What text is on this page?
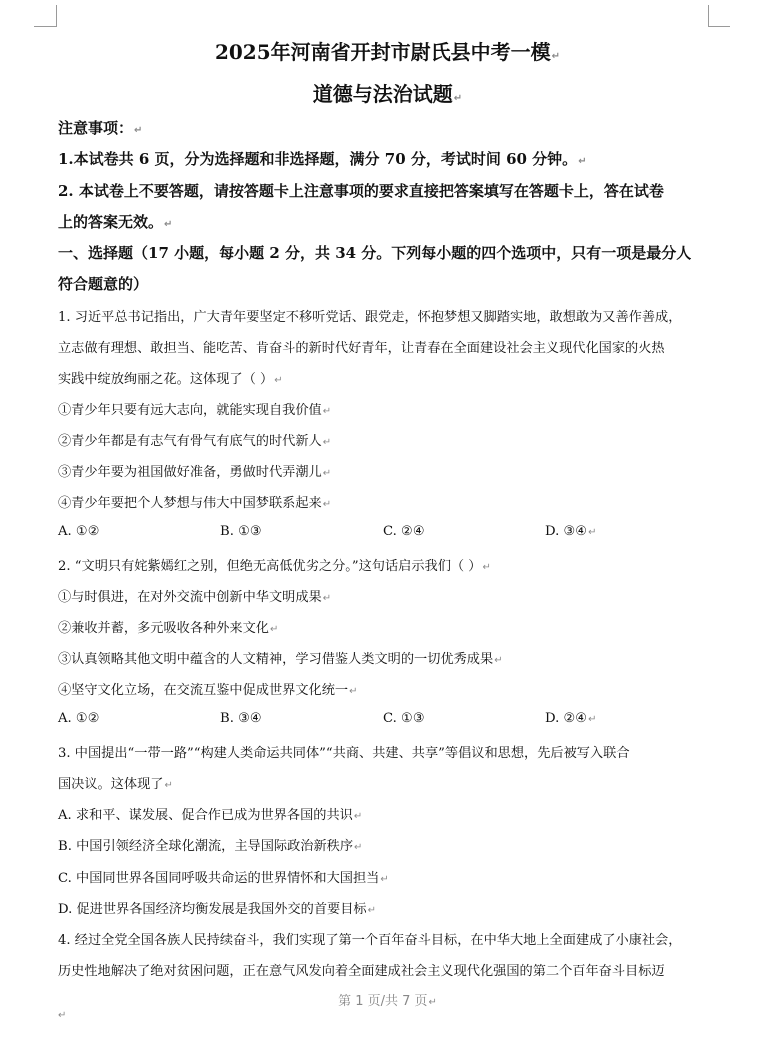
2025年河南省开封市尉氏县中考一模↵
道德与法治试题↵
注意事项：↵
1.本试卷共 6 页，分为选择题和非选择题，满分 70 分，考试时间 60 分钟。↵
2. 本试卷上不要答题，请按答题卡上注意事项的要求直接把答案填写在答题卡上，答在试卷
上的答案无效。↵
一、选择题（17 小题，每小题 2 分，共 34 分。下列每小题的四个选项中，只有一项是最分人
符合题意的）
1. 习近平总书记指出，广大青年要坚定不移听党话、跟党走，怀抱梦想又脚踏实地，敢想敢为又善作善成，
立志做有理想、敢担当、能吃苦、肯奋斗的新时代好青年，让青春在全面建设社会主义现代化国家的火热
实践中绽放绚丽之花。这体现了（ ）↵
①青少年只要有远大志向，就能实现自我价值↵
②青少年都是有志气有骨气有底气的时代新人↵
③青少年要为祖国做好准备，勇做时代弄潮儿↵
④青少年要把个人梦想与伟大中国梦联系起来↵
A. ①②	B. ①③	C. ②④	D. ③④↵
2. “文明只有姹紫嫣红之别，但绝无高低优劣之分。”这句话启示我们（ ）↵
①与时俱进，在对外交流中创新中华文明成果↵
②兼收并蓄，多元吸收各种外来文化↵
③认真领略其他文明中蕴含的人文精神，学习借鉴人类文明的一切优秀成果↵
④坚守文化立场，在交流互鉴中促成世界文化统一↵
A. ①②	B. ③④	C. ①③	D. ②④↵
3. 中国提出“一带一路”“构建人类命运共同体”“共商、共建、共享”等倡议和思想，先后被写入联合
国决议。这体现了↵
A. 求和平、谋发展、促合作已成为世界各国的共识↵
B. 中国引领经济全球化潮流，主导国际政治新秩序↵
C. 中国同世界各国同呼吸共命运的世界情怀和大国担当↵
D. 促进世界各国经济均衡发展是我国外交的首要目标↵
4. 经过全党全国各族人民持续奋斗，我们实现了第一个百年奋斗目标，在中华大地上全面建成了小康社会，
历史性地解决了绝对贫困问题，正在意气风发向着全面建成社会主义现代化强国的第二个百年奋斗目标迈
第 1 页/共 7 页↵
↵
